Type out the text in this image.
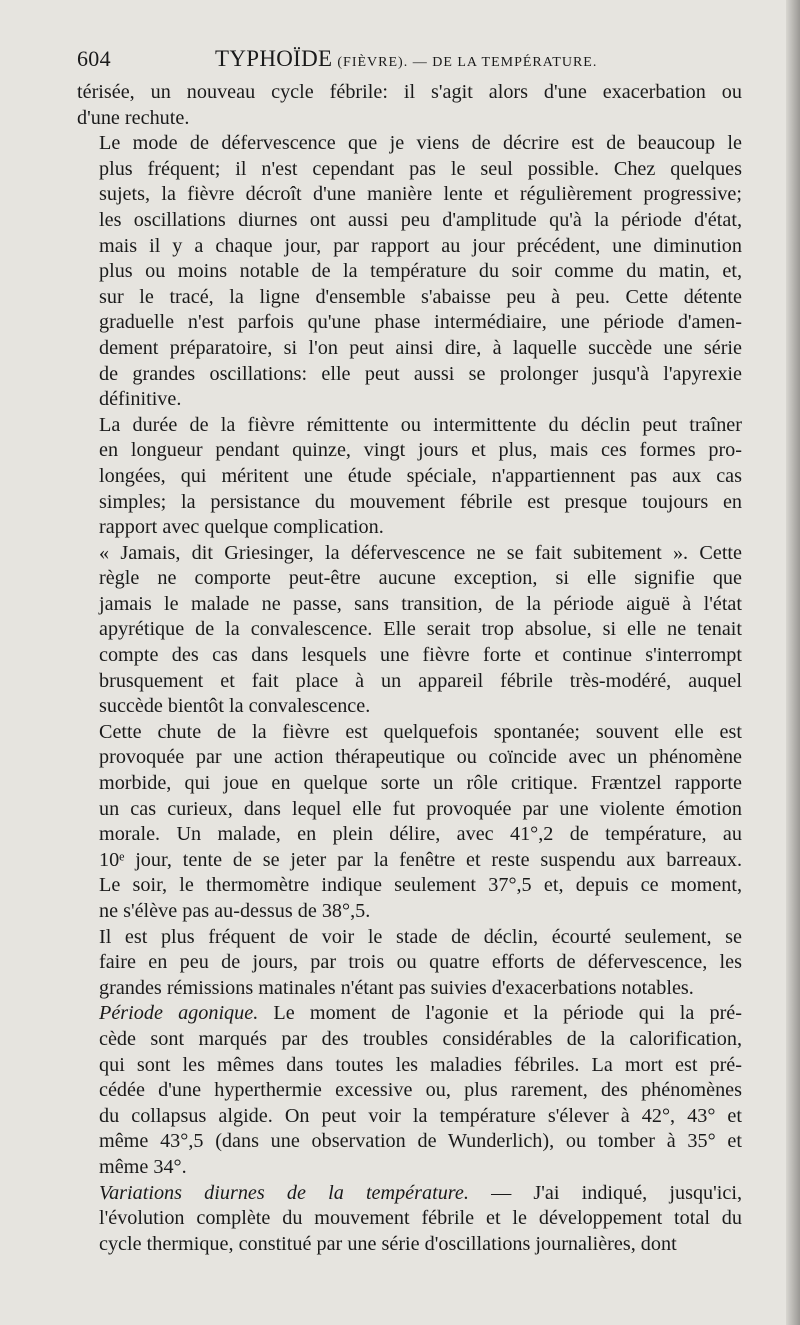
604	TYPHOÏDE (FIÈVRE). — DE LA TEMPÉRATURE.

térisée, un nouveau cycle fébrile: il s'agit alors d'une exacerbation ou
d'une rechute.

Le mode de défervescence que je viens de décrire est de beaucoup le
plus fréquent; il n'est cependant pas le seul possible. Chez quelques
sujets, la fièvre décroît d'une manière lente et régulièrement progressive;
les oscillations diurnes ont aussi peu d'amplitude qu'à la période d'état,
mais il y a chaque jour, par rapport au jour précédent, une diminution
plus ou moins notable de la température du soir comme du matin, et,
sur le tracé, la ligne d'ensemble s'abaisse peu à peu. Cette détente
graduelle n'est parfois qu'une phase intermédiaire, une période d'amen-
dement préparatoire, si l'on peut ainsi dire, à laquelle succède une série
de grandes oscillations: elle peut aussi se prolonger jusqu'à l'apyrexie
définitive.

La durée de la fièvre rémittente ou intermittente du déclin peut traîner
en longueur pendant quinze, vingt jours et plus, mais ces formes pro-
longées, qui méritent une étude spéciale, n'appartiennent pas aux cas
simples; la persistance du mouvement fébrile est presque toujours en
rapport avec quelque complication.

« Jamais, dit Griesinger, la défervescence ne se fait subitement ». Cette
règle ne comporte peut-être aucune exception, si elle signifie que
jamais le malade ne passe, sans transition, de la période aiguë à l'état
apyrétique de la convalescence. Elle serait trop absolue, si elle ne tenait
compte des cas dans lesquels une fièvre forte et continue s'interrompt
brusquement et fait place à un appareil fébrile très-modéré, auquel
succède bientôt la convalescence.

Cette chute de la fièvre est quelquefois spontanée; souvent elle est
provoquée par une action thérapeutique ou coïncide avec un phénomène
morbide, qui joue en quelque sorte un rôle critique. Fræntzel rapporte
un cas curieux, dans lequel elle fut provoquée par une violente émotion
morale. Un malade, en plein délire, avec 41°,2 de température, au
10ᵉ jour, tente de se jeter par la fenêtre et reste suspendu aux barreaux.
Le soir, le thermomètre indique seulement 37°,5 et, depuis ce moment,
ne s'élève pas au-dessus de 38°,5.

Il est plus fréquent de voir le stade de déclin, écourté seulement, se
faire en peu de jours, par trois ou quatre efforts de défervescence, les
grandes rémissions matinales n'étant pas suivies d'exacerbations notables.

Période agonique. Le moment de l'agonie et la période qui la pré-
cède sont marqués par des troubles considérables de la calorification,
qui sont les mêmes dans toutes les maladies fébriles. La mort est pré-
cédée d'une hyperthermie excessive ou, plus rarement, des phénomènes
du collapsus algide. On peut voir la température s'élever à 42°, 43° et
même 43°,5 (dans une observation de Wunderlich), ou tomber à 35° et
même 34°.

Variations diurnes de la température. — J'ai indiqué, jusqu'ici,
l'évolution complète du mouvement fébrile et le développement total du
cycle thermique, constitué par une série d'oscillations journalières, dont
